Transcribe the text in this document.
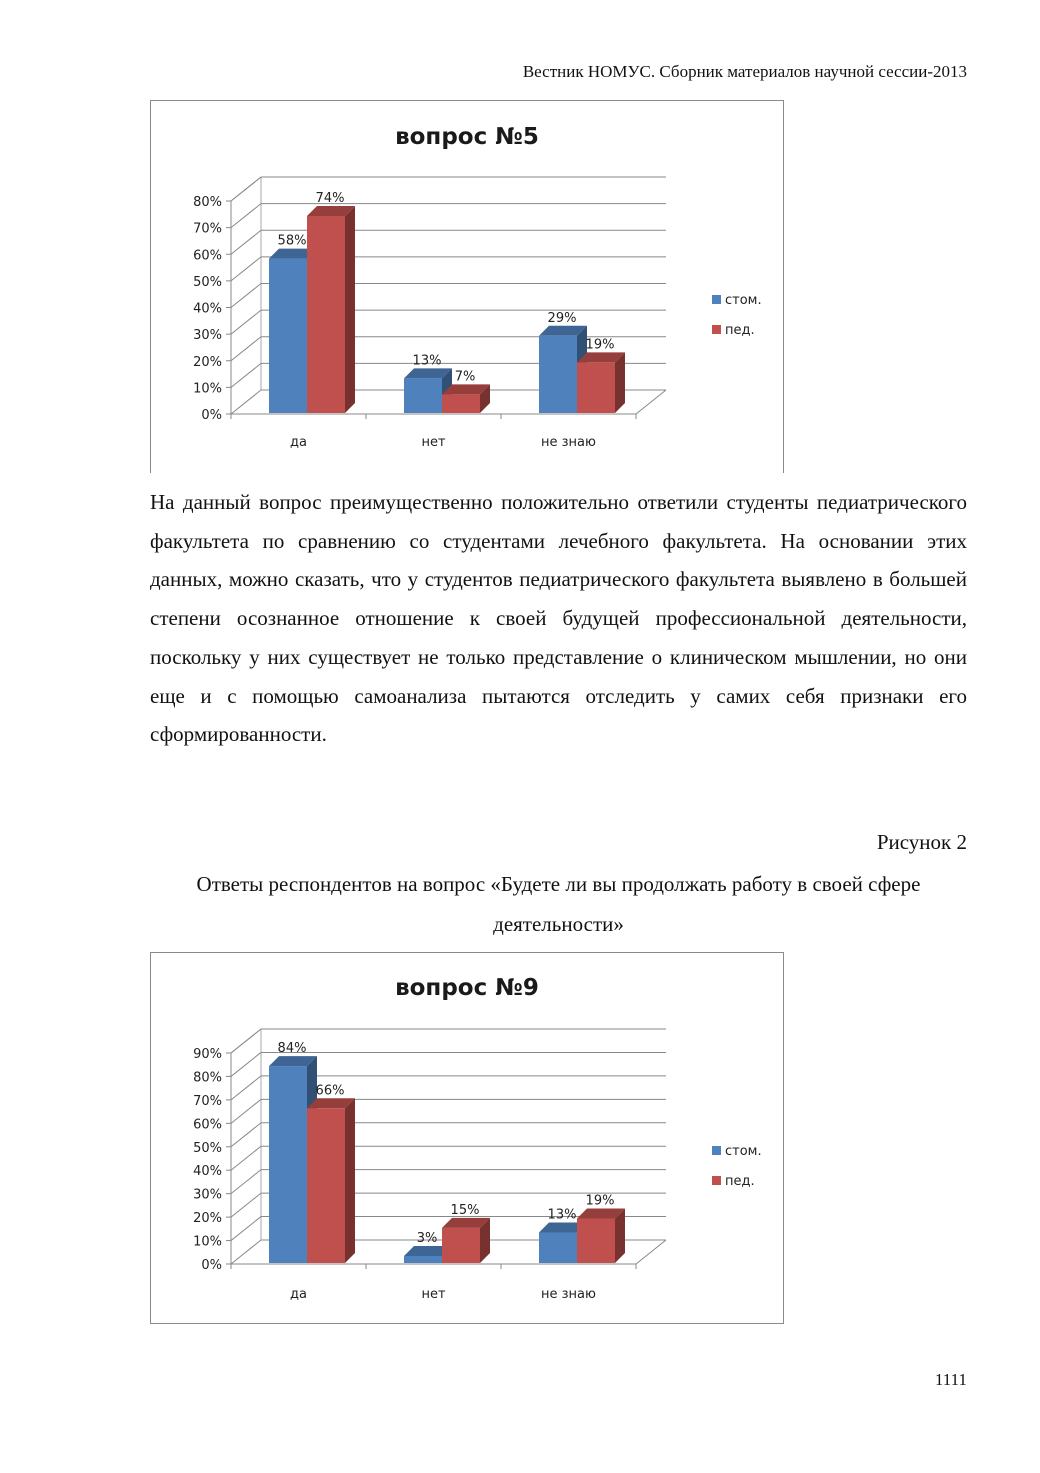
Вестник НОМУС. Сборник материалов научной сессии-2013
0%
10%
20%
30%
40%
50%
60%
70%
80%
да	нет	не знаю
58%
74%
13%
7%
29%
19%
вопрос №5
стом.
пед.

На данный вопрос преимущественно положительно ответили студенты педиатрического факультета по сравнению со студентами лечебного факультета. На основании этих данных, можно сказать, что у студентов педиатрического факультета выявлено в большей степени осознанное отношение к своей будущей профессиональной деятельности, поскольку у них существует не только представление о клиническом мышлении, но они еще и с помощью самоанализа пытаются отследить у самих себя признаки его сформированности.

Рисунок 2
Ответы респондентов на вопрос «Будете ли вы продолжать работу в своей сфере деятельности»
0%
10%
20%
30%
40%
50%
60%
70%
80%
90%
да	нет	не знаю
84%
66%
3%
15%	13%
19%
вопрос №9
стом.
пед.
1111
